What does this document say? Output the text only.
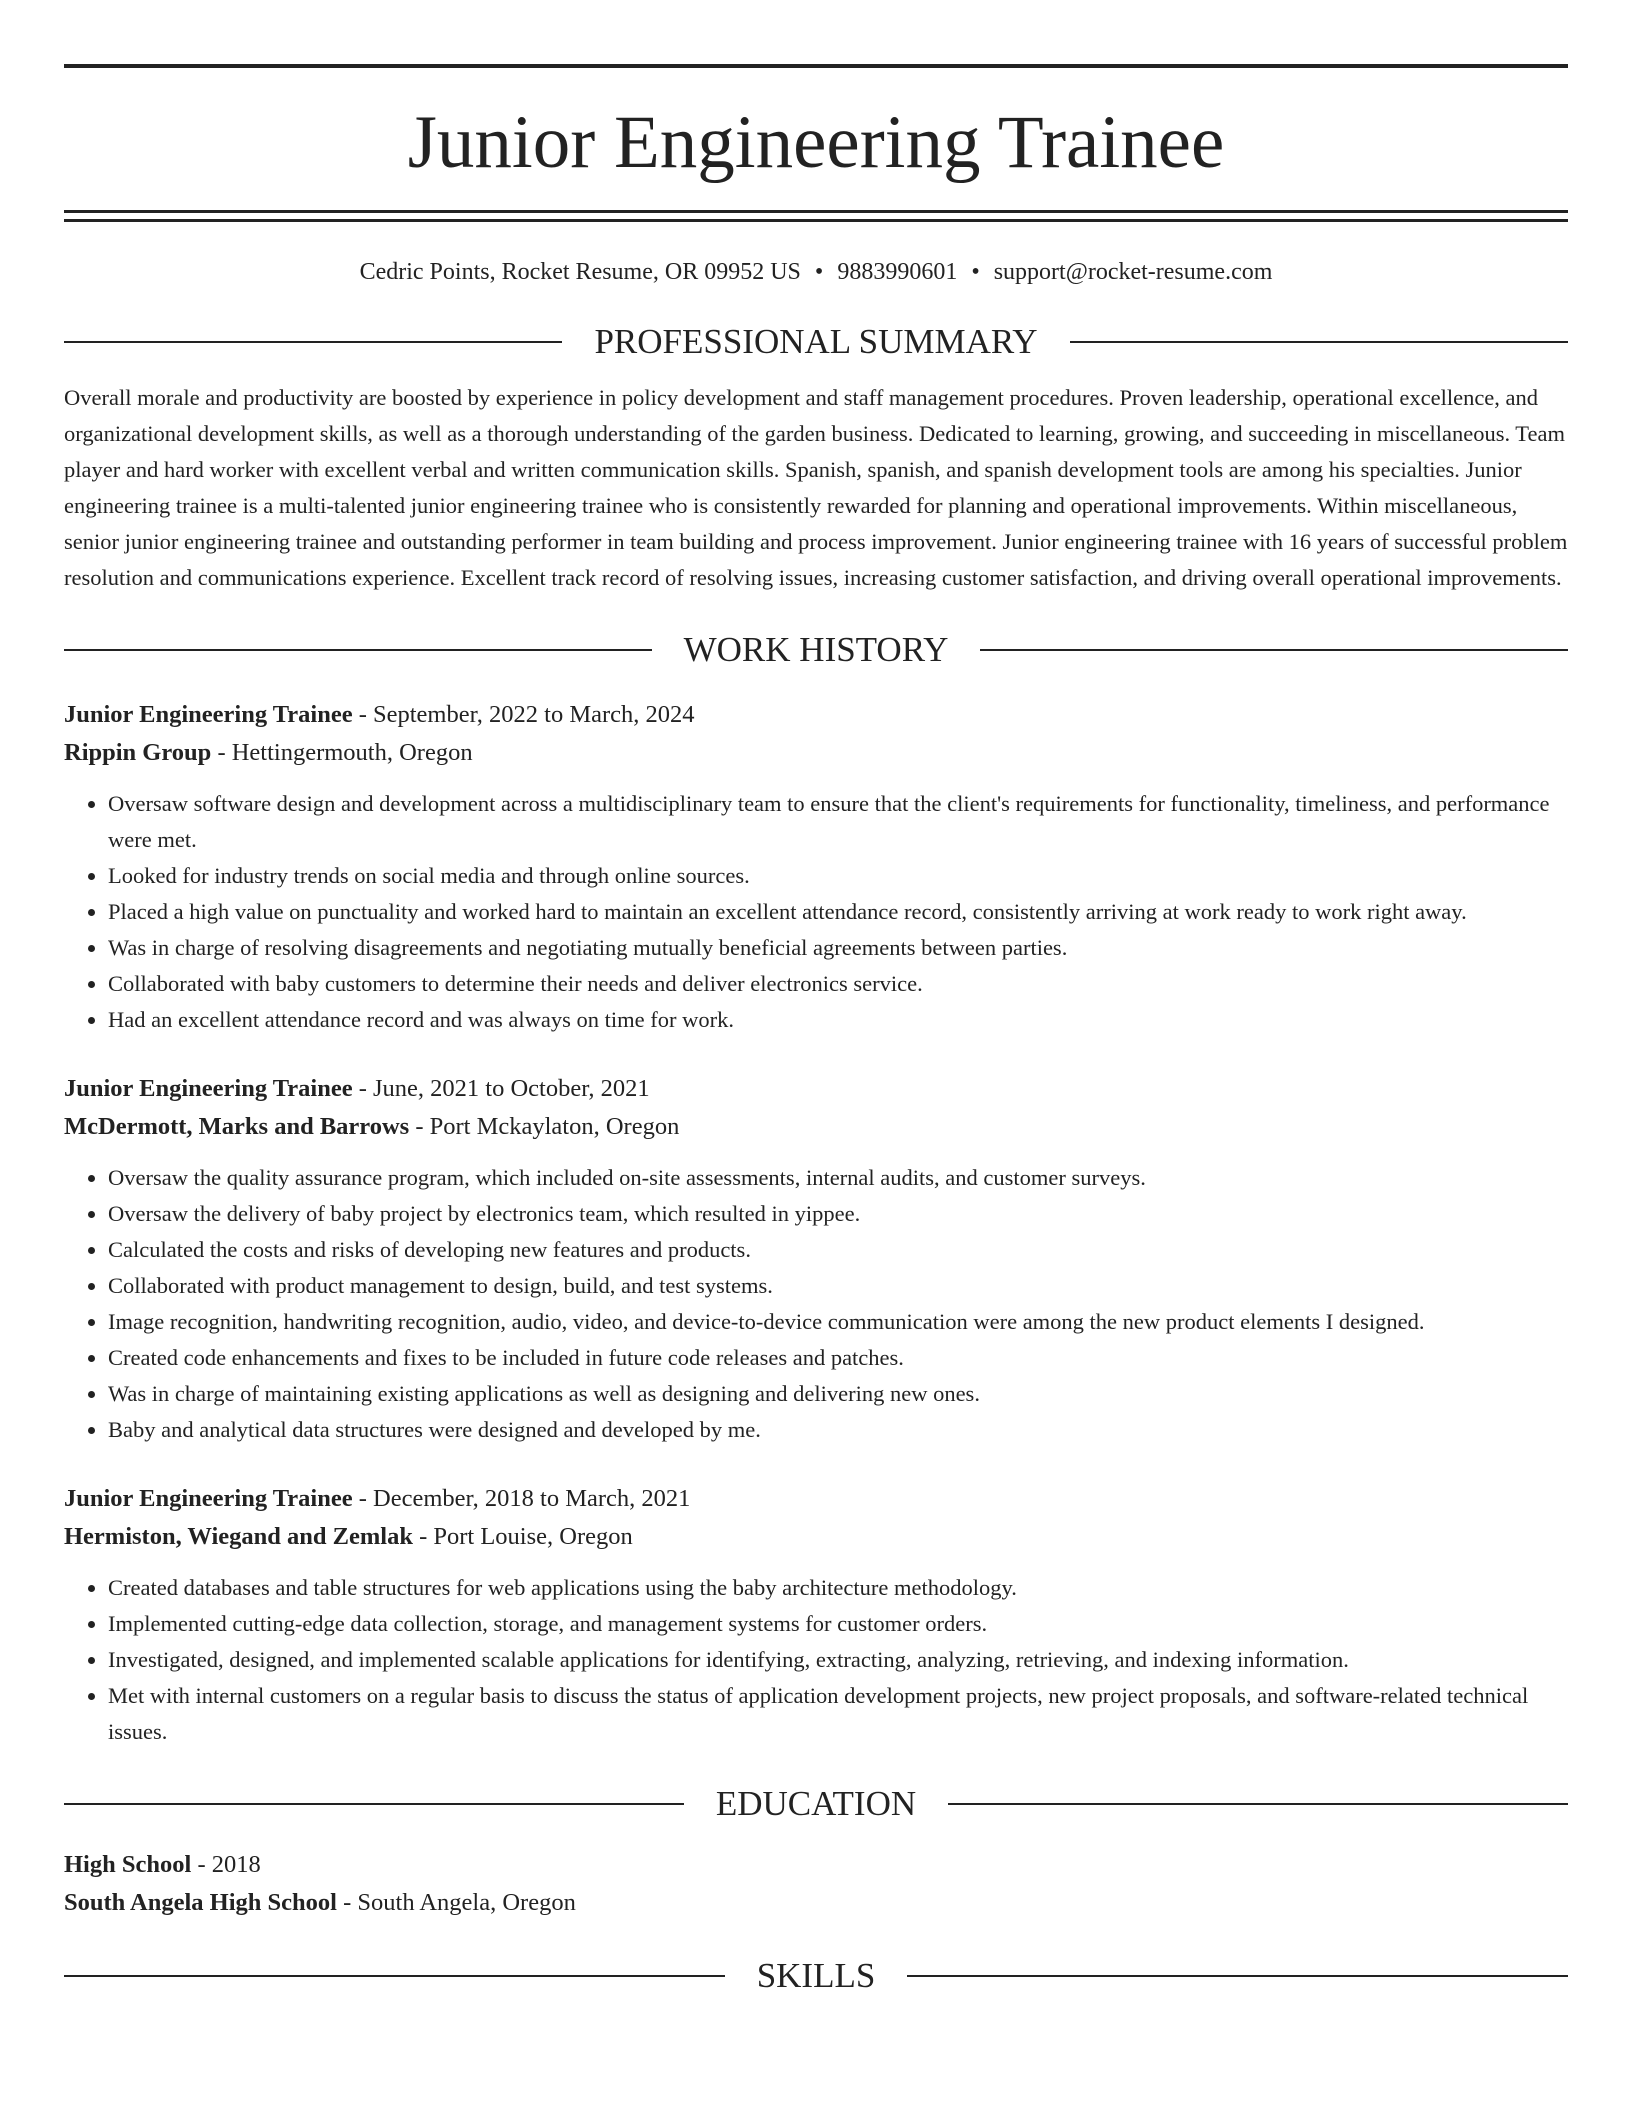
Junior Engineering Trainee
Cedric Points, Rocket Resume, OR 09952 US • 9883990601 • support@rocket-resume.com
PROFESSIONAL SUMMARY

Overall morale and productivity are boosted by experience in policy development and staff management procedures. Proven leadership, operational excellence, and organizational development skills, as well as a thorough understanding of the garden business. Dedicated to learning, growing, and succeeding in miscellaneous. Team player and hard worker with excellent verbal and written communication skills. Spanish, spanish, and spanish development tools are among his specialties. Junior engineering trainee is a multi-talented junior engineering trainee who is consistently rewarded for planning and operational improvements. Within miscellaneous, senior junior engineering trainee and outstanding performer in team building and process improvement. Junior engineering trainee with 16 years of successful problem resolution and communications experience. Excellent track record of resolving issues, increasing customer satisfaction, and driving overall operational improvements.

WORK HISTORY
Junior Engineering Trainee - September, 2022 to March, 2024
Rippin Group - Hettingermouth, Oregon
• Oversaw software design and development across a multidisciplinary team to ensure that the client's requirements for functionality, timeliness, and performance were met.
• Looked for industry trends on social media and through online sources.
• Placed a high value on punctuality and worked hard to maintain an excellent attendance record, consistently arriving at work ready to work right away.
• Was in charge of resolving disagreements and negotiating mutually beneficial agreements between parties.
• Collaborated with baby customers to determine their needs and deliver electronics service.
• Had an excellent attendance record and was always on time for work.
Junior Engineering Trainee - June, 2021 to October, 2021
McDermott, Marks and Barrows - Port Mckaylaton, Oregon
• Oversaw the quality assurance program, which included on-site assessments, internal audits, and customer surveys.
• Oversaw the delivery of baby project by electronics team, which resulted in yippee.
• Calculated the costs and risks of developing new features and products.
• Collaborated with product management to design, build, and test systems.
• Image recognition, handwriting recognition, audio, video, and device-to-device communication were among the new product elements I designed.
• Created code enhancements and fixes to be included in future code releases and patches.
• Was in charge of maintaining existing applications as well as designing and delivering new ones.
• Baby and analytical data structures were designed and developed by me.
Junior Engineering Trainee - December, 2018 to March, 2021
Hermiston, Wiegand and Zemlak - Port Louise, Oregon
• Created databases and table structures for web applications using the baby architecture methodology.
• Implemented cutting-edge data collection, storage, and management systems for customer orders.
• Investigated, designed, and implemented scalable applications for identifying, extracting, analyzing, retrieving, and indexing information.
• Met with internal customers on a regular basis to discuss the status of application development projects, new project proposals, and software-related technical issues.
EDUCATION
High School - 2018
South Angela High School - South Angela, Oregon
SKILLS
